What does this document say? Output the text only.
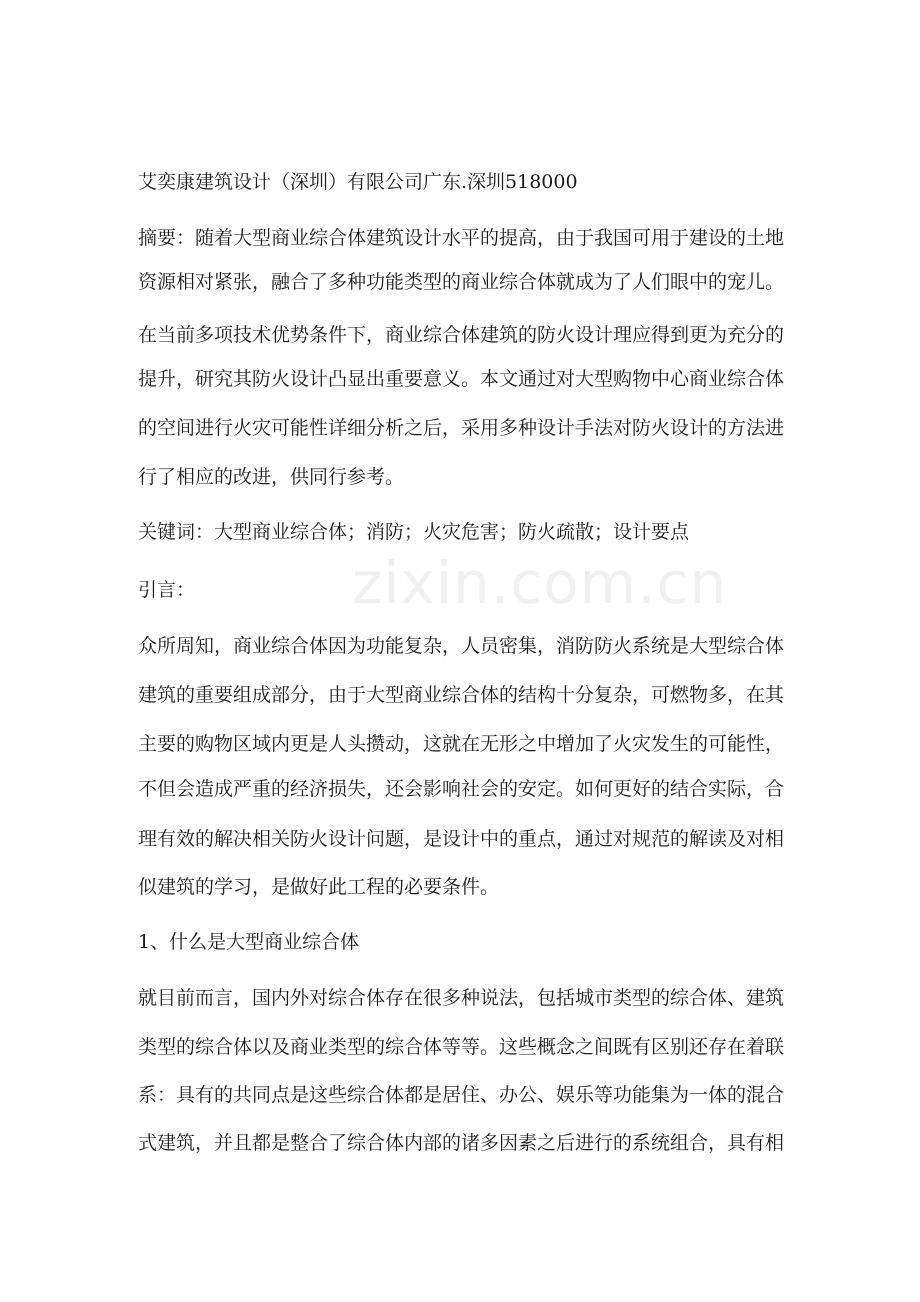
zixin.com.cn
艾奕康建筑设计（深圳）有限公司广东.深圳518000
摘要：随着大型商业综合体建筑设计水平的提高，由于我国可用于建设的土地
资源相对紧张，融合了多种功能类型的商业综合体就成为了人们眼中的宠儿。
在当前多项技术优势条件下，商业综合体建筑的防火设计理应得到更为充分的
提升，研究其防火设计凸显出重要意义。本文通过对大型购物中心商业综合体
的空间进行火灾可能性详细分析之后，采用多种设计手法对防火设计的方法进
行了相应的改进，供同行参考。
关键词：大型商业综合体；消防；火灾危害；防火疏散；设计要点
引言：
众所周知，商业综合体因为功能复杂，人员密集，消防防火系统是大型综合体
建筑的重要组成部分，由于大型商业综合体的结构十分复杂，可燃物多，在其
主要的购物区域内更是人头攒动，这就在无形之中增加了火灾发生的可能性，
不但会造成严重的经济损失，还会影响社会的安定。如何更好的结合实际，合
理有效的解决相关防火设计问题，是设计中的重点，通过对规范的解读及对相
似建筑的学习，是做好此工程的必要条件。
1、什么是大型商业综合体
就目前而言，国内外对综合体存在很多种说法，包括城市类型的综合体、建筑
类型的综合体以及商业类型的综合体等等。这些概念之间既有区别还存在着联
系：具有的共同点是这些综合体都是居住、办公、娱乐等功能集为一体的混合
式建筑，并且都是整合了综合体内部的诸多因素之后进行的系统组合，具有相
